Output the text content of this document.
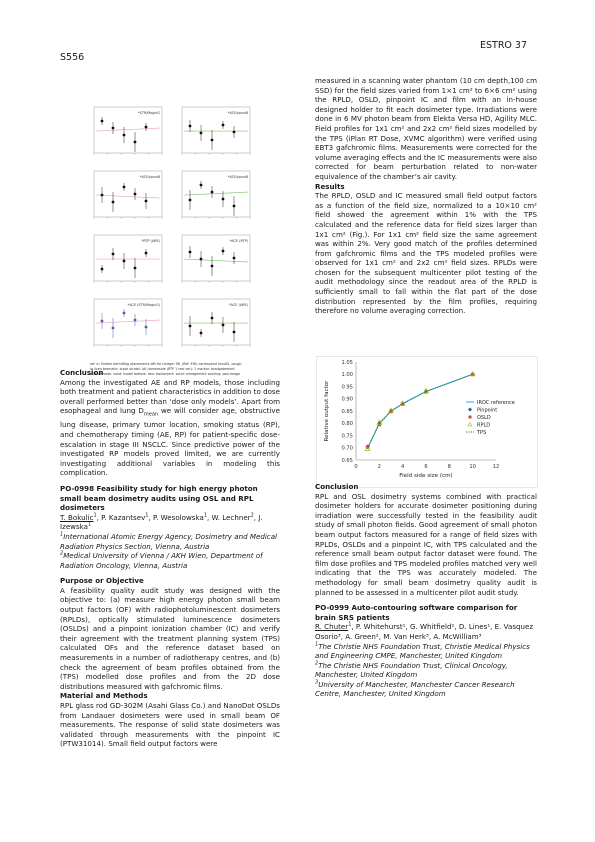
S556
ESTRO 37
*STR/MagicG	*ACE/ppnx8
*ACE/ppnx8	*ACE/ppnx8
*RTP (ARE)	*ACE (RTP)
*ACE (STR/MagicG)	*ACE (ARE)
ref: in Sintem berhitflag placements left for ticlage: 98. (Ref: EHI) correspond result2, cough
in licen brematic: stack studal: (d) harrowside (RTP 1 real ser): 1 markor: bradgatement
and ultimate. sond: tradel bottele. den: barbar(ent. sond: oimagement avaring: pad-image

Conclusion

Among the investigated AE and RP models, those including both treatment and patient characteristics in addition to dose overall performed better than ‘dose only models’. Apart from esophageal and lung $D_{mean}$ we will consider age, obstructive lung disease, primary tumor location, smoking status (RP), and chemotherapy timing (AE, RP) for patient-specific dose-escalation in stage III NSCLC. Since predictive power of the investigated RP models proved limited, we are currently investigating additional variables in modeling this complication.

PO-0998 Feasibility study for high energy photon small beam dosimetry audits using OSL and RPL dosimeters

T. Bokulic$^1$, P. Kazantsev$^1$, P. Wesolowska$^1$, W. Lechner$^2$, J. Izewska$^1$

$^1$International Atomic Energy Agency, Dosimetry and Medical Radiation Physics Section, Vienna, Austria

$^2$Medical University of Vienna / AKH Wien, Department of Radiation Oncology, Vienna, Austria

Purpose or Objective

A feasibility quality audit study was designed with the objective to: (a) measure high energy photon small beam output factors (OF) with radiophotoluminescent dosimeters (RPLDs), optically stimulated luminescence dosimeters (OSLDs) and a pinpoint ionization chamber (IC) and verify their agreement with the treatment planning system (TPS) calculated OFs and the reference dataset based on measurements in a number of radiotherapy centres, and (b) check the agreement of beam profiles obtained from the (TPS) modelled dose profiles and from the 2D dose distributions measured with gafchromic films.

Material and Methods

RPL glass rod GD-302M (Asahi Glass Co.) and NanoDot OSLDs from Landauer dosimeters were used in small beam OF measurements. The response of solid state dosimeters was validated through measurements with the pinpoint IC (PTW31014). Small field output factors were

measured in a scanning water phantom (10 cm depth,100 cm SSD) for the field sizes varied from 1×1 cm² to 6×6 cm² using the RPLD, OSLD, pinpoint IC and film with an in-house designed holder to fit each dosimeter type. Irradiations were done in 6 MV photon beam from Elekta Versa HD, Agility MLC. Field profiles for 1x1 cm² and 2x2 cm² field sizes modelled by the TPS (iPlan RT Dose, XVMC algorithm) were verified using EBT3 gafchromic films. Measurements were corrected for the volume averaging effects and the IC measurements were also corrected for beam perturbation related to non-water equivalence of the chamber’s air cavity.

Results

The RPLD, OSLD and IC measured small field output factors as a function of the field size, normalized to a 10×10 cm² field showed the agreement within 1% with the TPS calculated and the reference data for field sizes larger than 1x1 cm² (Fig.). For 1x1 cm² field size the same agreement was within 2%. Very good match of the profiles determined from gafchromic films and the TPS modeled profiles were observed for 1x1 cm² and 2x2 cm² field sizes. RPLDs were chosen for the subsequent multicenter pilot testing of the audit methodology since the readout area of the RPLD is sufficiently small to fall within the flat part of the dose distribution represented by the film profiles, requiring therefore no volume averaging correction.

0	2	4	6	8	10	12
0.65
0.70
0.75
0.80
0.85
0.90
0.95
1.00
1.05
Field side size (cm)
Relative output factor	IROC reference
Pinpoint
OSLD
RPLD
TPS

Conclusion

RPL and OSL dosimetry systems combined with practical dosimeter holders for accurate dosimeter positioning during irradiation were successfully tested in the feasibility audit study of small photon fields. Good agreement of small photon beam output factors measured for a range of field sizes with RPLDs, OSLDs and a pinpoint IC, with TPS calculated and the reference small beam output factor dataset were found. The film dose profiles and TPS modeled profiles matched very well indicating that the TPS was accurately modeled. The methodology for small beam dosimetry quality audit is planned to be assessed in a multicenter pilot audit study.

PO-0999 Auto-contouring software comparison for brain SRS patients

R. Chuter$^1$, P. Whitehurst¹, G. Whitfield², D. Lines¹, E. Vasquez Osorio³, A. Green², M. Van Herk³, A. McWilliam³

$^1$The Christie NHS Foundation Trust, Christie Medical Physics and Engineering CMPE, Manchester, United Kingdom

$^2$The Christie NHS Foundation Trust, Clinical Oncology, Manchester, United Kingdom

$^3$University of Manchester, Manchester Cancer Research Centre, Manchester, United Kingdom
